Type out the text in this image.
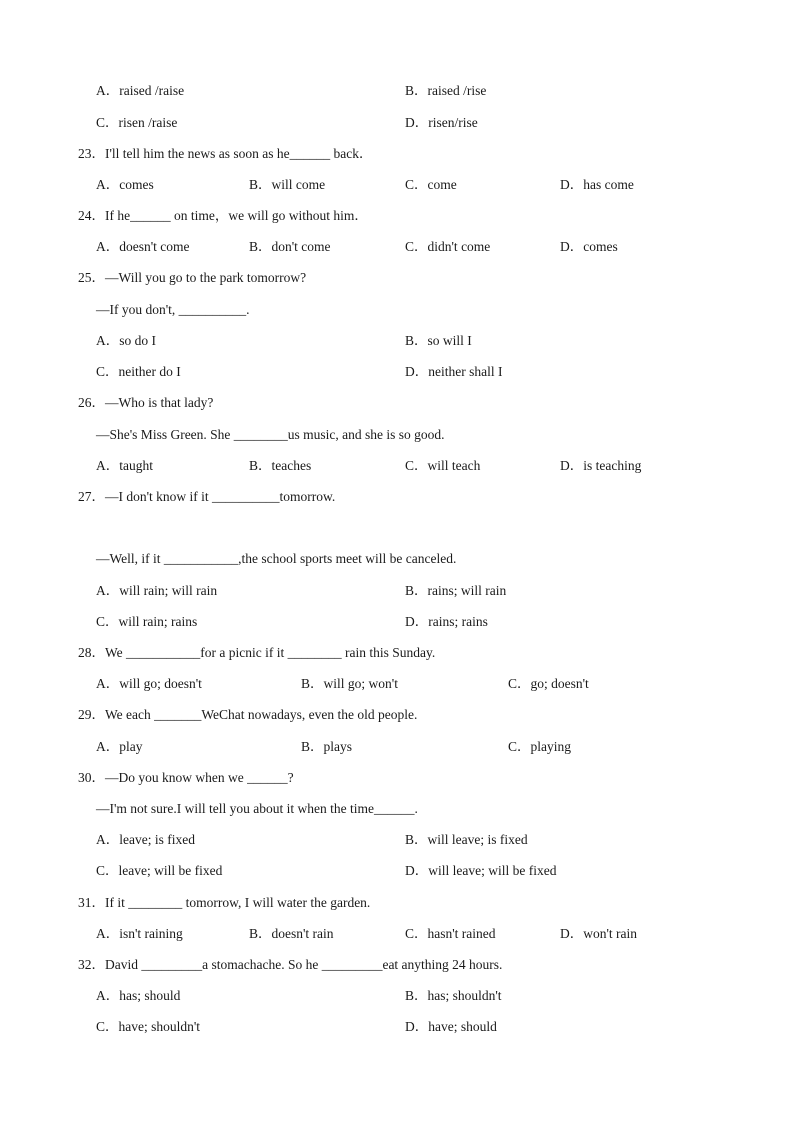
A．raised /raise	B．raised /rise
C．risen /raise	D．risen/rise
23．I'll tell him the news as soon as he______ back．
A．comes	B．will come	C．come	D．has come
24．If he______ on time，we will go without him．
A．doesn't come	B．don't come	C．didn't come	D．comes
25．—Will you go to the park tomorrow?
—If you don't, __________.
A．so do I	B．so will I
C．neither do I	D．neither shall I
26．—Who is that lady?
—She's Miss Green. She ________us music, and she is so good.
A．taught	B．teaches	C．will teach	D．is teaching
27．—I don't know if it __________tomorrow.
—Well, if it ___________,the school sports meet will be canceled.
A．will rain; will rain	B．rains; will rain
C．will rain; rains	D．rains; rains
28．We ___________for a picnic if it ________ rain this Sunday.
A．will go; doesn't	B．will go; won't	C．go; doesn't
29．We each _______WeChat nowadays, even the old people.
A．play	B．plays	C．playing
30．—Do you know when we ______?
—I'm not sure.I will tell you about it when the time______.
A．leave; is fixed	B．will leave; is fixed
C．leave; will be fixed	D．will leave; will be fixed
31．If it ________ tomorrow, I will water the garden.
A．isn't raining	B．doesn't rain	C．hasn't rained	D．won't rain
32．David _________a stomachache. So he _________eat anything 24 hours.
A．has; should	B．has; shouldn't
C．have; shouldn't	D．have; should
